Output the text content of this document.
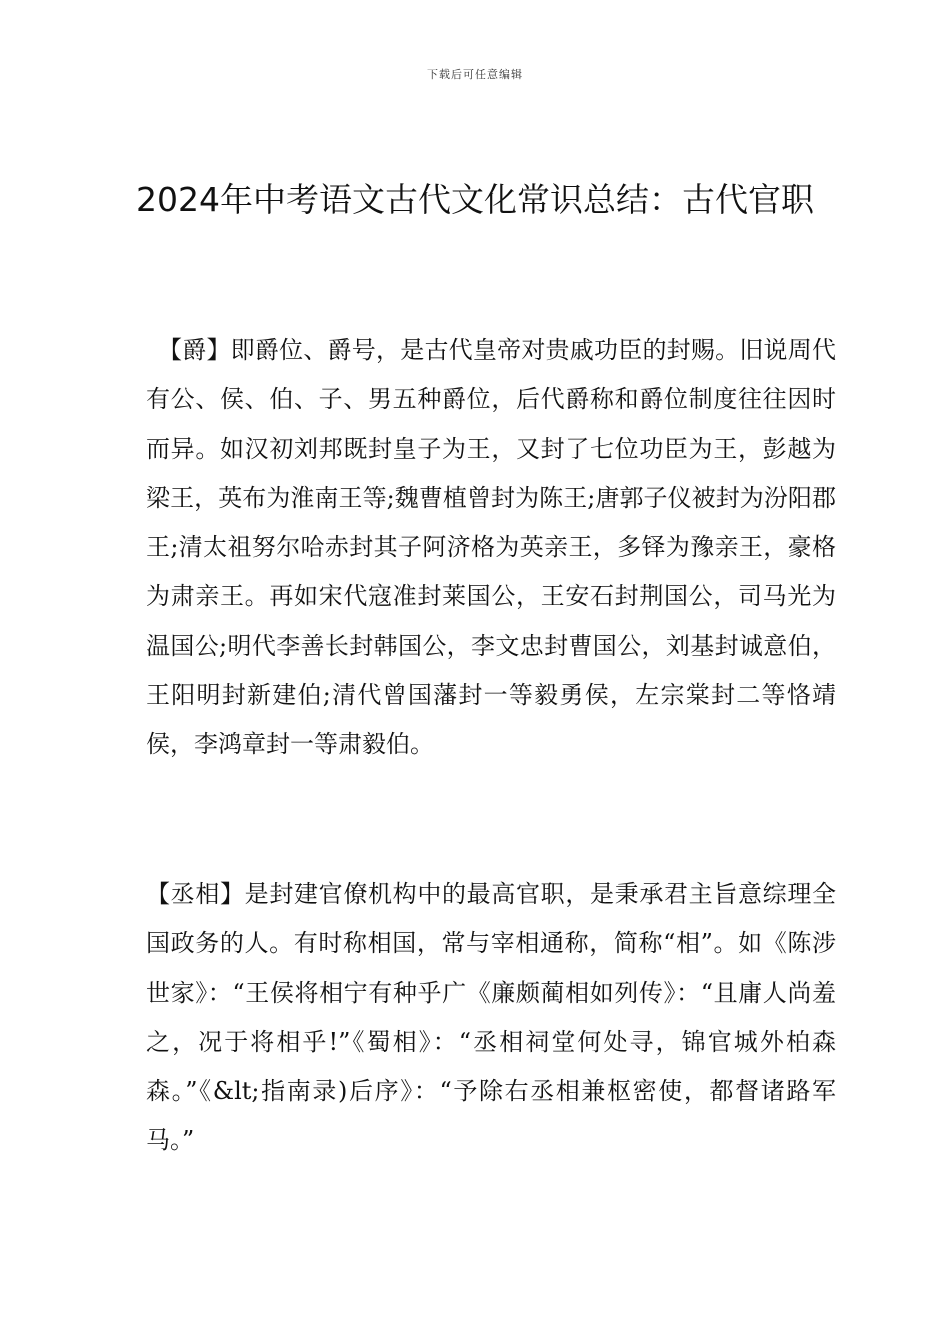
下载后可任意编辑
2024年中考语文古代文化常识总结：古代官职

【爵】即爵位、爵号，是古代皇帝对贵戚功臣的封赐。旧说周代有公、侯、伯、子、男五种爵位，后代爵称和爵位制度往往因时而异。如汉初刘邦既封皇子为王，又封了七位功臣为王，彭越为梁王，英布为淮南王等;魏曹植曾封为陈王;唐郭子仪被封为汾阳郡王;清太祖努尔哈赤封其子阿济格为英亲王，多铎为豫亲王，豪格为肃亲王。再如宋代寇准封莱国公，王安石封荆国公，司马光为温国公;明代李善长封韩国公，李文忠封曹国公，刘基封诚意伯，王阳明封新建伯;清代曾国藩封一等毅勇侯，左宗棠封二等恪靖侯，李鸿章封一等肃毅伯。

【丞相】是封建官僚机构中的最高官职，是秉承君主旨意综理全国政务的人。有时称相国，常与宰相通称，简称“相”。如《陈涉世家》：“王侯将相宁有种乎广《廉颇蔺相如列传》：“且庸人尚羞之，况于将相乎!”《蜀相》：“丞相祠堂何处寻，锦官城外柏森森。”《&lt;指南录)后序》：“予除右丞相兼枢密使，都督诸路军马。”
